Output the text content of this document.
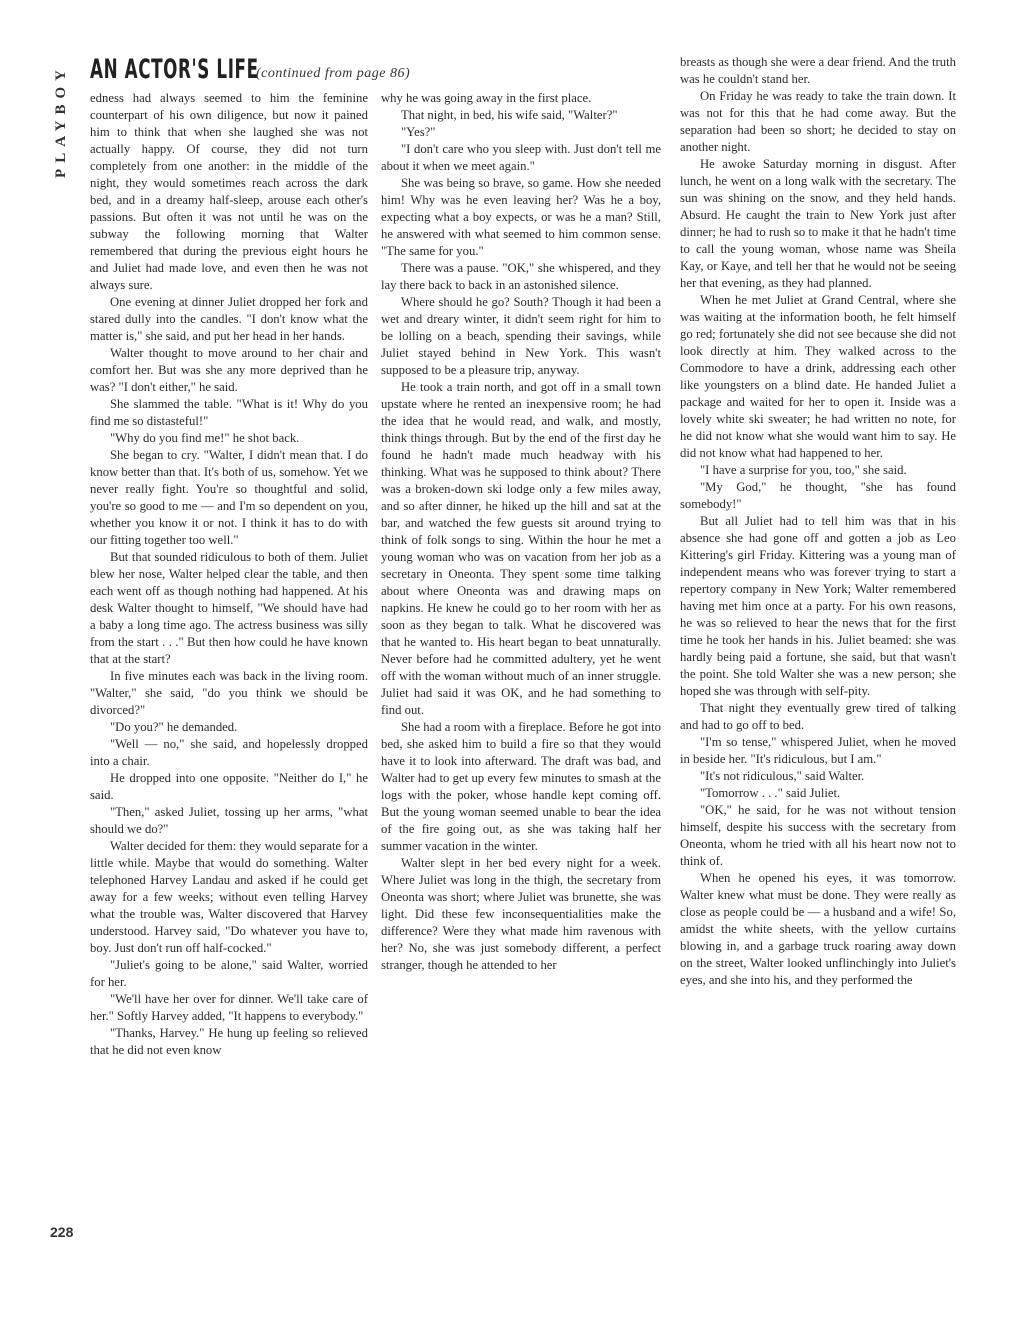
PLAYBOY AN ACTOR'S LIFE
(continued from page 86)

edness had always seemed to him the feminine counterpart of his own diligence, but now it pained him to think that when she laughed she was not actually happy. Of course, they did not turn completely from one another: in the middle of the night, they would sometimes reach across the dark bed, and in a dreamy half-sleep, arouse each other's passions. But often it was not until he was on the subway the following morning that Walter remembered that during the previous eight hours he and Juliet had made love, and even then he was not always sure.

One evening at dinner Juliet dropped her fork and stared dully into the candles. "I don't know what the matter is," she said, and put her head in her hands.

Walter thought to move around to her chair and comfort her. But was she any more deprived than he was? "I don't either," he said.

She slammed the table. "What is it! Why do you find me so distasteful!"

"Why do you find me!" he shot back.

She began to cry. "Walter, I didn't mean that. I do know better than that. It's both of us, somehow. Yet we never really fight. You're so thoughtful and solid, you're so good to me — and I'm so dependent on you, whether you know it or not. I think it has to do with our fitting together too well."

But that sounded ridiculous to both of them. Juliet blew her nose, Walter helped clear the table, and then each went off as though nothing had happened. At his desk Walter thought to himself, "We should have had a baby a long time ago. The actress business was silly from the start . . ." But then how could he have known that at the start?

In five minutes each was back in the living room. "Walter," she said, "do you think we should be divorced?"

"Do you?" he demanded.

"Well — no," she said, and hopelessly dropped into a chair.

He dropped into one opposite. "Neither do I," he said.

"Then," asked Juliet, tossing up her arms, "what should we do?"

Walter decided for them: they would separate for a little while. Maybe that would do something. Walter telephoned Harvey Landau and asked if he could get away for a few weeks; without even telling Harvey what the trouble was, Walter discovered that Harvey understood. Harvey said, "Do whatever you have to, boy. Just don't run off half-cocked."

"Juliet's going to be alone," said Walter, worried for her.

"We'll have her over for dinner. We'll take care of her." Softly Harvey added, "It happens to everybody."

"Thanks, Harvey." He hung up feeling so relieved that he did not even know

why he was going away in the first place.

That night, in bed, his wife said, "Walter?"

"Yes?"

"I don't care who you sleep with. Just don't tell me about it when we meet again."

She was being so brave, so game. How she needed him! Why was he even leaving her? Was he a boy, expecting what a boy expects, or was he a man? Still, he answered with what seemed to him common sense. "The same for you."

There was a pause. "OK," she whispered, and they lay there back to back in an astonished silence.

Where should he go? South? Though it had been a wet and dreary winter, it didn't seem right for him to be lolling on a beach, spending their savings, while Juliet stayed behind in New York. This wasn't supposed to be a pleasure trip, anyway.

He took a train north, and got off in a small town upstate where he rented an inexpensive room; he had the idea that he would read, and walk, and mostly, think things through. But by the end of the first day he found he hadn't made much headway with his thinking. What was he supposed to think about? There was a broken-down ski lodge only a few miles away, and so after dinner, he hiked up the hill and sat at the bar, and watched the few guests sit around trying to think of folk songs to sing. Within the hour he met a young woman who was on vacation from her job as a secretary in Oneonta. They spent some time talking about where Oneonta was and drawing maps on napkins. He knew he could go to her room with her as soon as they began to talk. What he discovered was that he wanted to. His heart began to beat unnaturally. Never before had he committed adultery, yet he went off with the woman without much of an inner struggle. Juliet had said it was OK, and he had something to find out.

She had a room with a fireplace. Before he got into bed, she asked him to build a fire so that they would have it to look into afterward. The draft was bad, and Walter had to get up every few minutes to smash at the logs with the poker, whose handle kept coming off. But the young woman seemed unable to bear the idea of the fire going out, as she was taking half her summer vacation in the winter.

Walter slept in her bed every night for a week. Where Juliet was long in the thigh, the secretary from Oneonta was short; where Juliet was brunette, she was light. Did these few inconsequentialities make the difference? Were they what made him ravenous with her? No, she was just somebody different, a perfect stranger, though he attended to her

breasts as though she were a dear friend. And the truth was he couldn't stand her.

On Friday he was ready to take the train down. It was not for this that he had come away. But the separation had been so short; he decided to stay on another night.

He awoke Saturday morning in disgust. After lunch, he went on a long walk with the secretary. The sun was shining on the snow, and they held hands. Absurd. He caught the train to New York just after dinner; he had to rush so to make it that he hadn't time to call the young woman, whose name was Sheila Kay, or Kaye, and tell her that he would not be seeing her that evening, as they had planned.

When he met Juliet at Grand Central, where she was waiting at the information booth, he felt himself go red; fortunately she did not see because she did not look directly at him. They walked across to the Commodore to have a drink, addressing each other like youngsters on a blind date. He handed Juliet a package and waited for her to open it. Inside was a lovely white ski sweater; he had written no note, for he did not know what she would want him to say. He did not know what had happened to her.

"I have a surprise for you, too," she said.

"My God," he thought, "she has found somebody!"

But all Juliet had to tell him was that in his absence she had gone off and gotten a job as Leo Kittering's girl Friday. Kittering was a young man of independent means who was forever trying to start a repertory company in New York; Walter remembered having met him once at a party. For his own reasons, he was so relieved to hear the news that for the first time he took her hands in his. Juliet beamed: she was hardly being paid a fortune, she said, but that wasn't the point. She told Walter she was a new person; she hoped she was through with self-pity.

That night they eventually grew tired of talking and had to go off to bed.

"I'm so tense," whispered Juliet, when he moved in beside her. "It's ridiculous, but I am."

"It's not ridiculous," said Walter.

"Tomorrow . . ." said Juliet.

"OK," he said, for he was not without tension himself, despite his success with the secretary from Oneonta, whom he tried with all his heart now not to think of.

When he opened his eyes, it was tomorrow. Walter knew what must be done. They were really as close as people could be — a husband and a wife! So, amidst the white sheets, with the yellow curtains blowing in, and a garbage truck roaring away down on the street, Walter looked unflinchingly into Juliet's eyes, and she into his, and they performed the

228
